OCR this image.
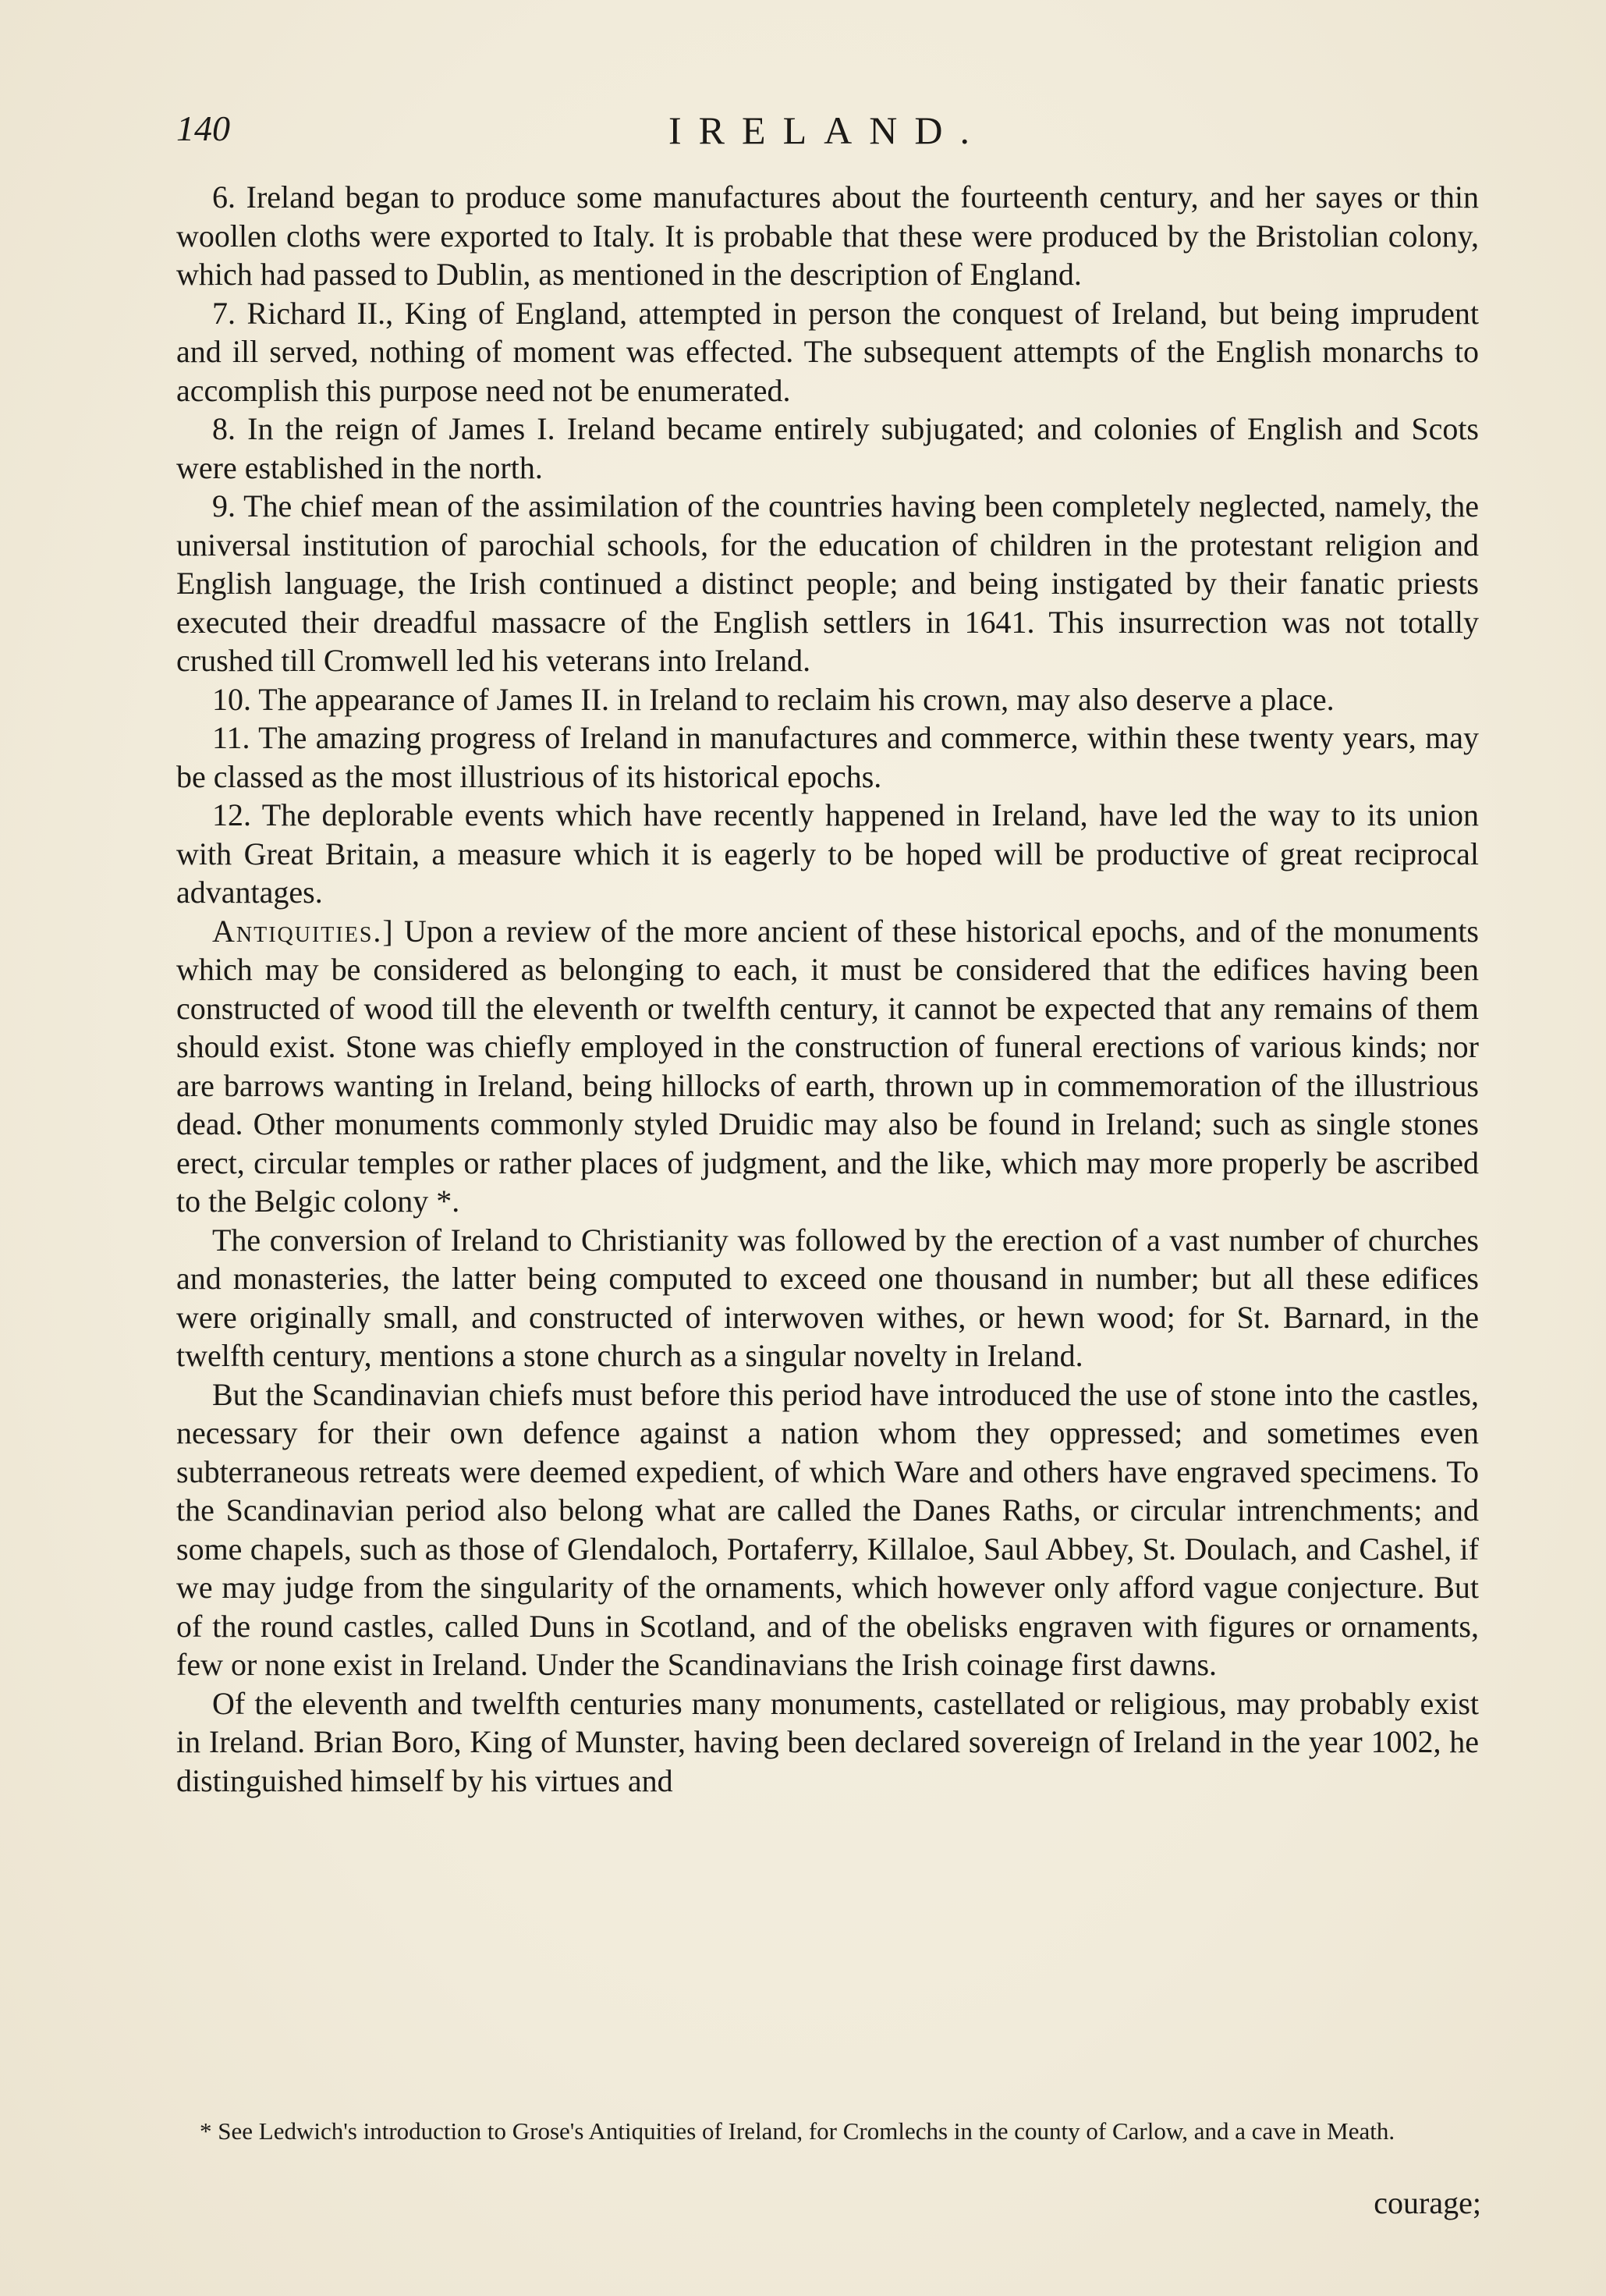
140	IRELAND.

6. Ireland began to produce some manufactures about the fourteenth century, and her sayes or thin woollen cloths were exported to Italy. It is probable that these were produced by the Bristolian colony, which had passed to Dublin, as mentioned in the description of England.

7. Richard II., King of England, attempted in person the conquest of Ireland, but being imprudent and ill served, nothing of moment was effected. The subsequent attempts of the English monarchs to accomplish this purpose need not be enumerated.

8. In the reign of James I. Ireland became entirely subjugated; and colonies of English and Scots were established in the north.

9. The chief mean of the assimilation of the countries having been completely neglected, namely, the universal institution of parochial schools, for the education of children in the protestant religion and English language, the Irish continued a distinct people; and being instigated by their fanatic priests executed their dreadful massacre of the English settlers in 1641. This insurrection was not totally crushed till Cromwell led his veterans into Ireland.

10. The appearance of James II. in Ireland to reclaim his crown, may also deserve a place.

11. The amazing progress of Ireland in manufactures and commerce, within these twenty years, may be classed as the most illustrious of its historical epochs.

12. The deplorable events which have recently happened in Ireland, have led the way to its union with Great Britain, a measure which it is eagerly to be hoped will be productive of great reciprocal advantages.

Antiquities.] Upon a review of the more ancient of these historical epochs, and of the monuments which may be considered as belonging to each, it must be considered that the edifices having been constructed of wood till the eleventh or twelfth century, it cannot be expected that any remains of them should exist. Stone was chiefly employed in the construction of funeral erections of various kinds; nor are barrows wanting in Ireland, being hillocks of earth, thrown up in commemoration of the illustrious dead. Other monuments commonly styled Druidic may also be found in Ireland; such as single stones erect, circular temples or rather places of judgment, and the like, which may more properly be ascribed to the Belgic colony *.

The conversion of Ireland to Christianity was followed by the erection of a vast number of churches and monasteries, the latter being computed to exceed one thousand in number; but all these edifices were originally small, and constructed of interwoven withes, or hewn wood; for St. Barnard, in the twelfth century, mentions a stone church as a singular novelty in Ireland.

But the Scandinavian chiefs must before this period have introduced the use of stone into the castles, necessary for their own defence against a nation whom they oppressed; and sometimes even subterraneous retreats were deemed expedient, of which Ware and others have engraved specimens. To the Scandinavian period also belong what are called the Danes Raths, or circular intrenchments; and some chapels, such as those of Glendaloch, Portaferry, Killaloe, Saul Abbey, St. Doulach, and Cashel, if we may judge from the singularity of the ornaments, which however only afford vague conjecture. But of the round castles, called Duns in Scotland, and of the obelisks engraven with figures or ornaments, few or none exist in Ireland. Under the Scandinavians the Irish coinage first dawns.

Of the eleventh and twelfth centuries many monuments, castellated or religious, may probably exist in Ireland. Brian Boro, King of Munster, having been declared sovereign of Ireland in the year 1002, he distinguished himself by his virtues and

* See Ledwich's introduction to Grose's Antiquities of Ireland, for Cromlechs in the county of Carlow, and a cave in Meath.

courage;
